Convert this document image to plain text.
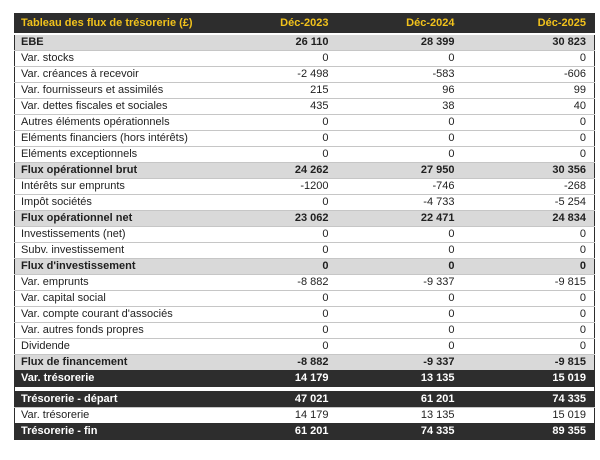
Tableau des flux de trésorerie (£)	Déc-2023	Déc-2024	Déc-2025
EBE	26 110	28 399	30 823
Var. stocks	0	0	0
Var. créances à recevoir	-2 498	-583	-606
Var. fournisseurs et assimilés	215	96	99
Var. dettes fiscales et sociales	435	38	40
Autres éléments opérationnels	0	0	0
Eléments financiers (hors intérêts)	0	0	0
Eléments exceptionnels	0	0	0
Flux opérationnel brut	24 262	27 950	30 356
Intérêts sur emprunts	-1200	-746	-268
Impôt sociétés	0	-4 733	-5 254
Flux opérationnel net	23 062	22 471	24 834
Investissements (net)	0	0	0
Subv. investissement	0	0	0
Flux d'investissement	0	0	0
Var. emprunts	-8 882	-9 337	-9 815
Var. capital social	0	0	0
Var. compte courant d'associés	0	0	0
Var. autres fonds propres	0	0	0
Dividende	0	0	0
Flux de financement	-8 882	-9 337	-9 815
Var. trésorerie	14 179	13 135	15 019

Trésorerie - départ	47 021	61 201	74 335
Var. trésorerie	14 179	13 135	15 019
Trésorerie - fin	61 201	74 335	89 355
